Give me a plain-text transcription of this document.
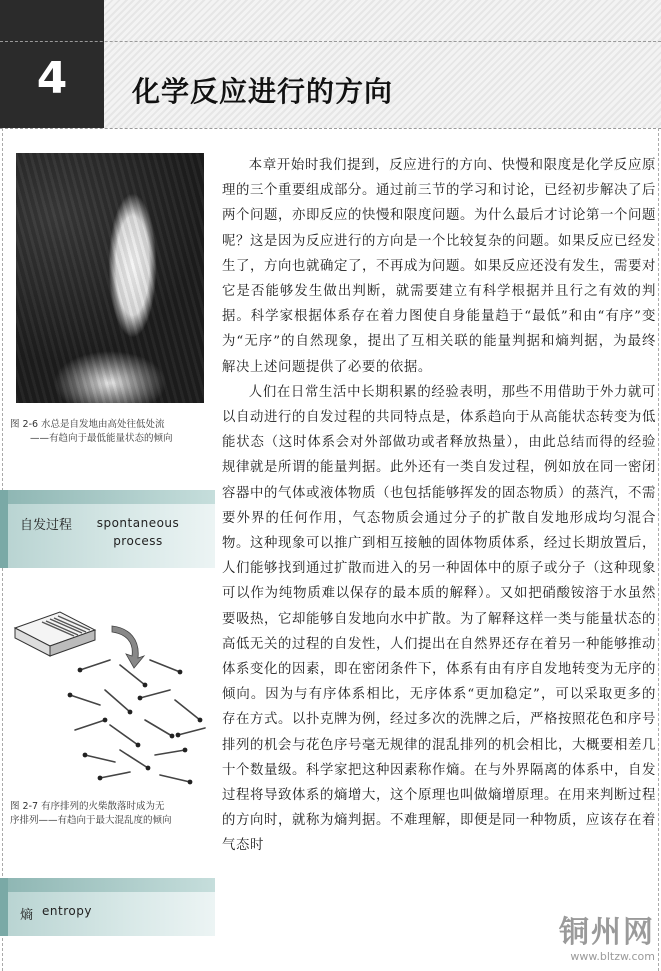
4 化学反应进行的方向
图 2-6 水总是自发地由高处往低处流
——有趋向于最低能量状态的倾向
自发过程	spontaneous process
图 2-7 有序排列的火柴散落时成为无
序排列——有趋向于最大混乱度的倾向
熵 entropy

本章开始时我们提到，反应进行的方向、快慢和限度是化学反应原理的三个重要组成部分。通过前三节的学习和讨论，已经初步解决了后两个问题，亦即反应的快慢和限度问题。为什么最后才讨论第一个问题呢？这是因为反应进行的方向是一个比较复杂的问题。如果反应已经发生了，方向也就确定了，不再成为问题。如果反应还没有发生，需要对它是否能够发生做出判断，就需要建立有科学根据并且行之有效的判据。科学家根据体系存在着力图使自身能量趋于“最低”和由“有序”变为“无序”的自然现象，提出了互相关联的能量判据和熵判据，为最终解决上述问题提供了必要的依据。

人们在日常生活中长期积累的经验表明，那些不用借助于外力就可以自动进行的自发过程的共同特点是，体系趋向于从高能状态转变为低能状态（这时体系会对外部做功或者释放热量），由此总结而得的经验规律就是所谓的能量判据。此外还有一类自发过程，例如放在同一密闭容器中的气体或液体物质（也包括能够挥发的固态物质）的蒸汽，不需要外界的任何作用，气态物质会通过分子的扩散自发地形成均匀混合物。这种现象可以推广到相互接触的固体物质体系，经过长期放置后，人们能够找到通过扩散而进入的另一种固体中的原子或分子（这种现象可以作为纯物质难以保存的最本质的解释）。又如把硝酸铵溶于水虽然要吸热，它却能够自发地向水中扩散。为了解释这样一类与能量状态的高低无关的过程的自发性，人们提出在自然界还存在着另一种能够推动体系变化的因素，即在密闭条件下，体系有由有序自发地转变为无序的倾向。因为与有序体系相比，无序体系“更加稳定”，可以采取更多的存在方式。以扑克牌为例，经过多次的洗牌之后，严格按照花色和序号排列的机会与花色序号毫无规律的混乱排列的机会相比，大概要相差几十个数量级。科学家把这种因素称作熵。在与外界隔离的体系中，自发过程将导致体系的熵增大，这个原理也叫做熵增原理。在用来判断过程的方向时，就称为熵判据。不难理解，即便是同一种物质，应该存在着气态时

铜州网
www.bltzw.com
